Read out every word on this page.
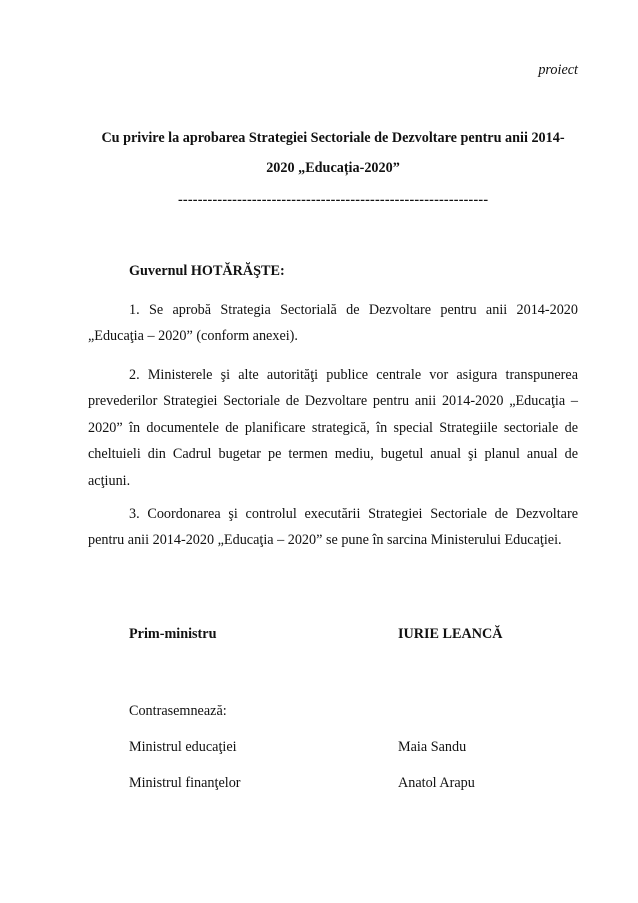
proiect
Cu privire la aprobarea Strategiei Sectoriale de Dezvoltare pentru anii 2014-2020 „Educația-2020”
---------------------------------------------------------------
Guvernul HOTĂRĂŞTE:

1. Se aprobă Strategia Sectorială de Dezvoltare pentru anii 2014-2020 „Educaţia – 2020” (conform anexei).

2. Ministerele şi alte autorităţi publice centrale vor asigura transpunerea prevederilor Strategiei Sectoriale de Dezvoltare pentru anii 2014-2020 „Educaţia – 2020” în documentele de planificare strategică, în special Strategiile sectoriale de cheltuieli din Cadrul bugetar pe termen mediu, bugetul anual şi planul anual de acţiuni.

3. Coordonarea şi controlul executării Strategiei Sectoriale de Dezvoltare pentru anii 2014-2020 „Educaţia – 2020” se pune în sarcina Ministerului Educaţiei.

Prim-ministru	IURIE LEANCĂ
Contrasemnează:
Ministrul educaţiei	Maia Sandu
Ministrul finanţelor	Anatol Arapu
